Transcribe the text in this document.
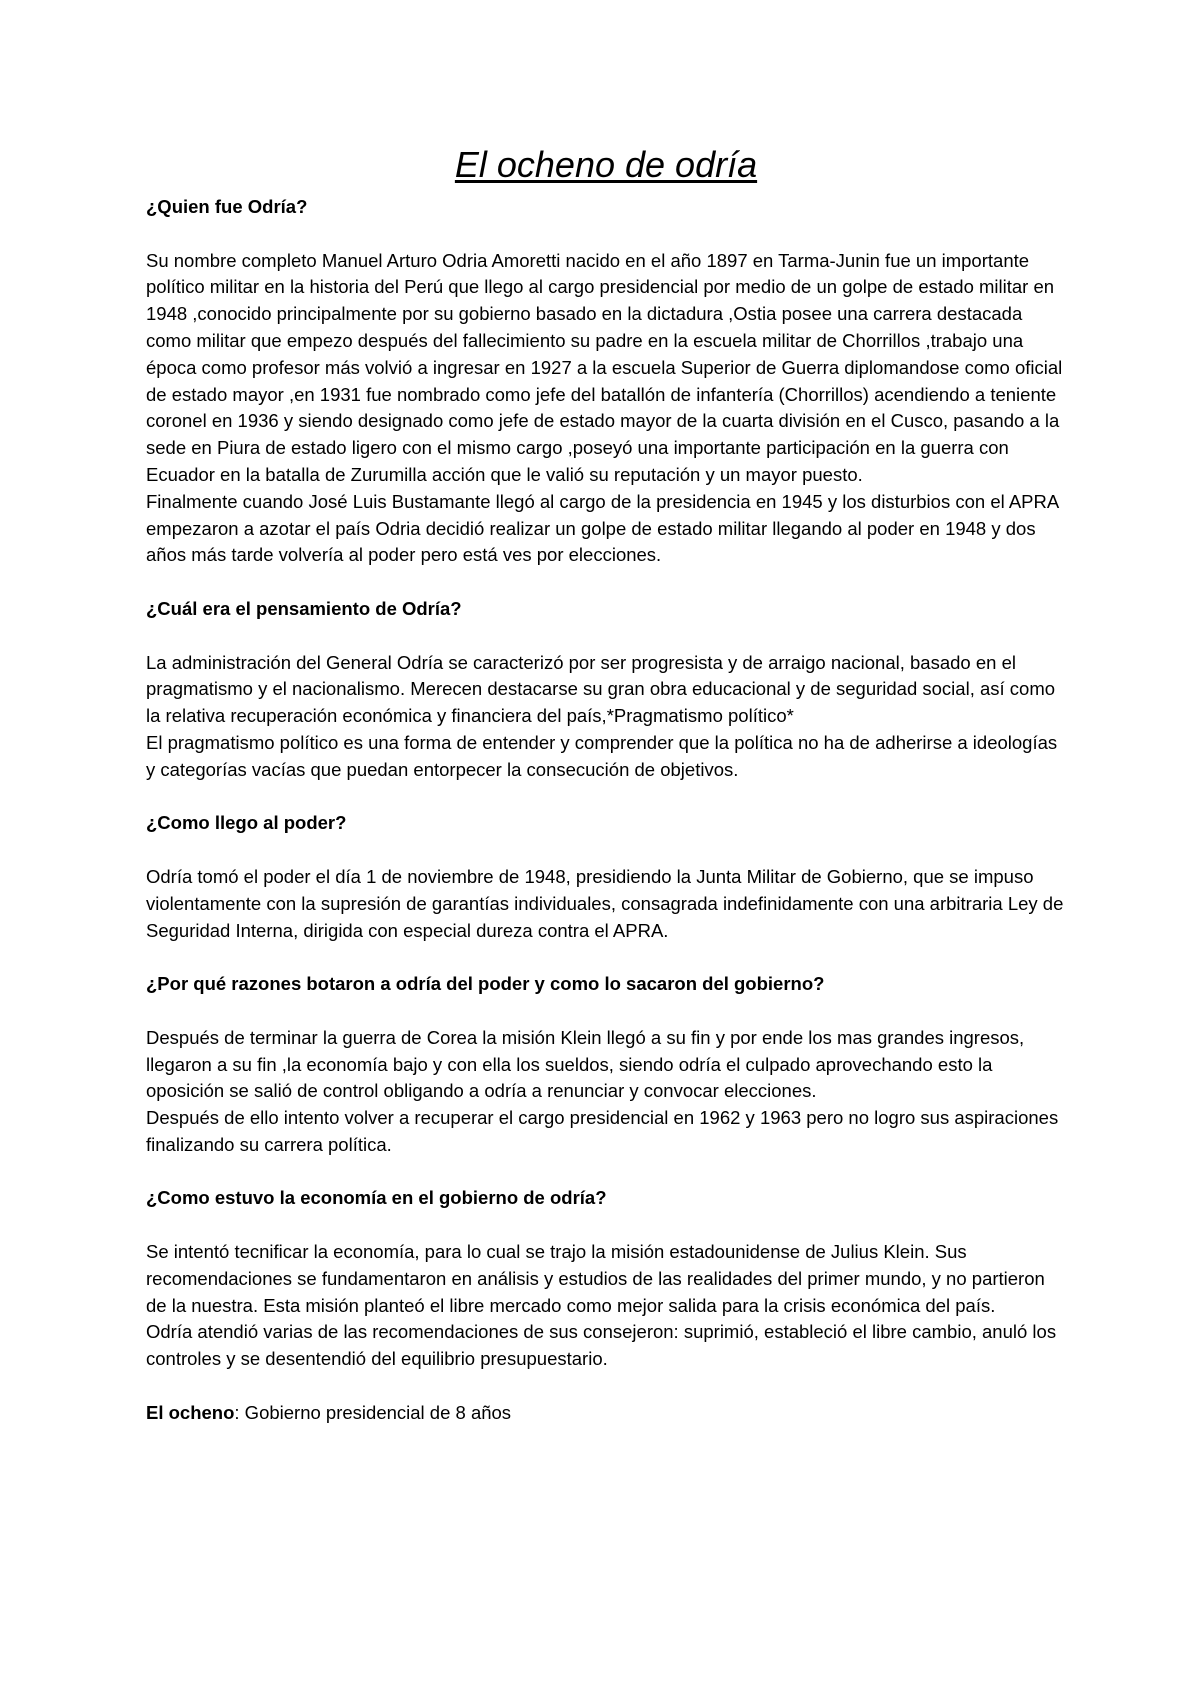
El ocheno de odría

¿Quien fue Odría?

Su nombre completo Manuel Arturo Odria Amoretti nacido en el año 1897 en Tarma-Junin fue un importante político militar en la historia del Perú que llego al cargo presidencial por medio de un golpe de estado militar en 1948 ,conocido principalmente por su gobierno basado en la dictadura ,Ostia posee una carrera destacada como militar que empezo después del fallecimiento su padre en la escuela militar de Chorrillos ,trabajo una época como profesor más volvió a ingresar en 1927 a la escuela Superior de Guerra diplomandose como oficial de estado mayor ,en 1931 fue nombrado como jefe del batallón de infantería (Chorrillos) acendiendo a teniente coronel en 1936 y siendo designado como jefe de estado mayor de la cuarta división en el Cusco, pasando a la sede en Piura de estado ligero con el mismo cargo ,poseyó una importante participación en la guerra con Ecuador en la batalla de Zurumilla acción que le valió su reputación y un mayor puesto.

Finalmente cuando José Luis Bustamante llegó al cargo de la presidencia en 1945 y los disturbios con el APRA empezaron a azotar el país Odria decidió realizar un golpe de estado militar llegando al poder en 1948 y dos años más tarde volvería al poder pero está ves por elecciones.

¿Cuál era el pensamiento de Odría?

La administración del General Odría se caracterizó por ser progresista y de arraigo nacional, basado en el pragmatismo y el nacionalismo. Merecen destacarse su gran obra educacional y de seguridad social, así como la relativa recuperación económica y financiera del país,*Pragmatismo político*

El pragmatismo político es una forma de entender y comprender que la política no ha de adherirse a ideologías y categorías vacías que puedan entorpecer la consecución de objetivos.

¿Como llego al poder?

Odría tomó el poder el día 1 de noviembre de 1948, presidiendo la Junta Militar de Gobierno, que se impuso violentamente con la supresión de garantías individuales, consagrada indefinidamente con una arbitraria Ley de Seguridad Interna, dirigida con especial dureza contra el APRA.

¿Por qué razones botaron a odría del poder y como lo sacaron del gobierno?

Después de terminar la guerra de Corea la misión Klein llegó a su fin y por ende los mas grandes ingresos, llegaron a su fin ,la economía bajo y con ella los sueldos, siendo odría el culpado aprovechando esto la oposición se salió de control obligando a odría a renunciar y convocar elecciones.

Después de ello intento volver a recuperar el cargo presidencial en 1962 y 1963 pero no logro sus aspiraciones finalizando su carrera política.

¿Como estuvo la economía en el gobierno de odría?

Se intentó tecnificar la economía, para lo cual se trajo la misión estadounidense de Julius Klein. Sus recomendaciones se fundamentaron en análisis y estudios de las realidades del primer mundo, y no partieron de la nuestra. Esta misión planteó el libre mercado como mejor salida para la crisis económica del país.

Odría atendió varias de las recomendaciones de sus consejeron: suprimió, estableció el libre cambio, anuló los controles y se desentendió del equilibrio presupuestario.

El ocheno: Gobierno presidencial de 8 años
